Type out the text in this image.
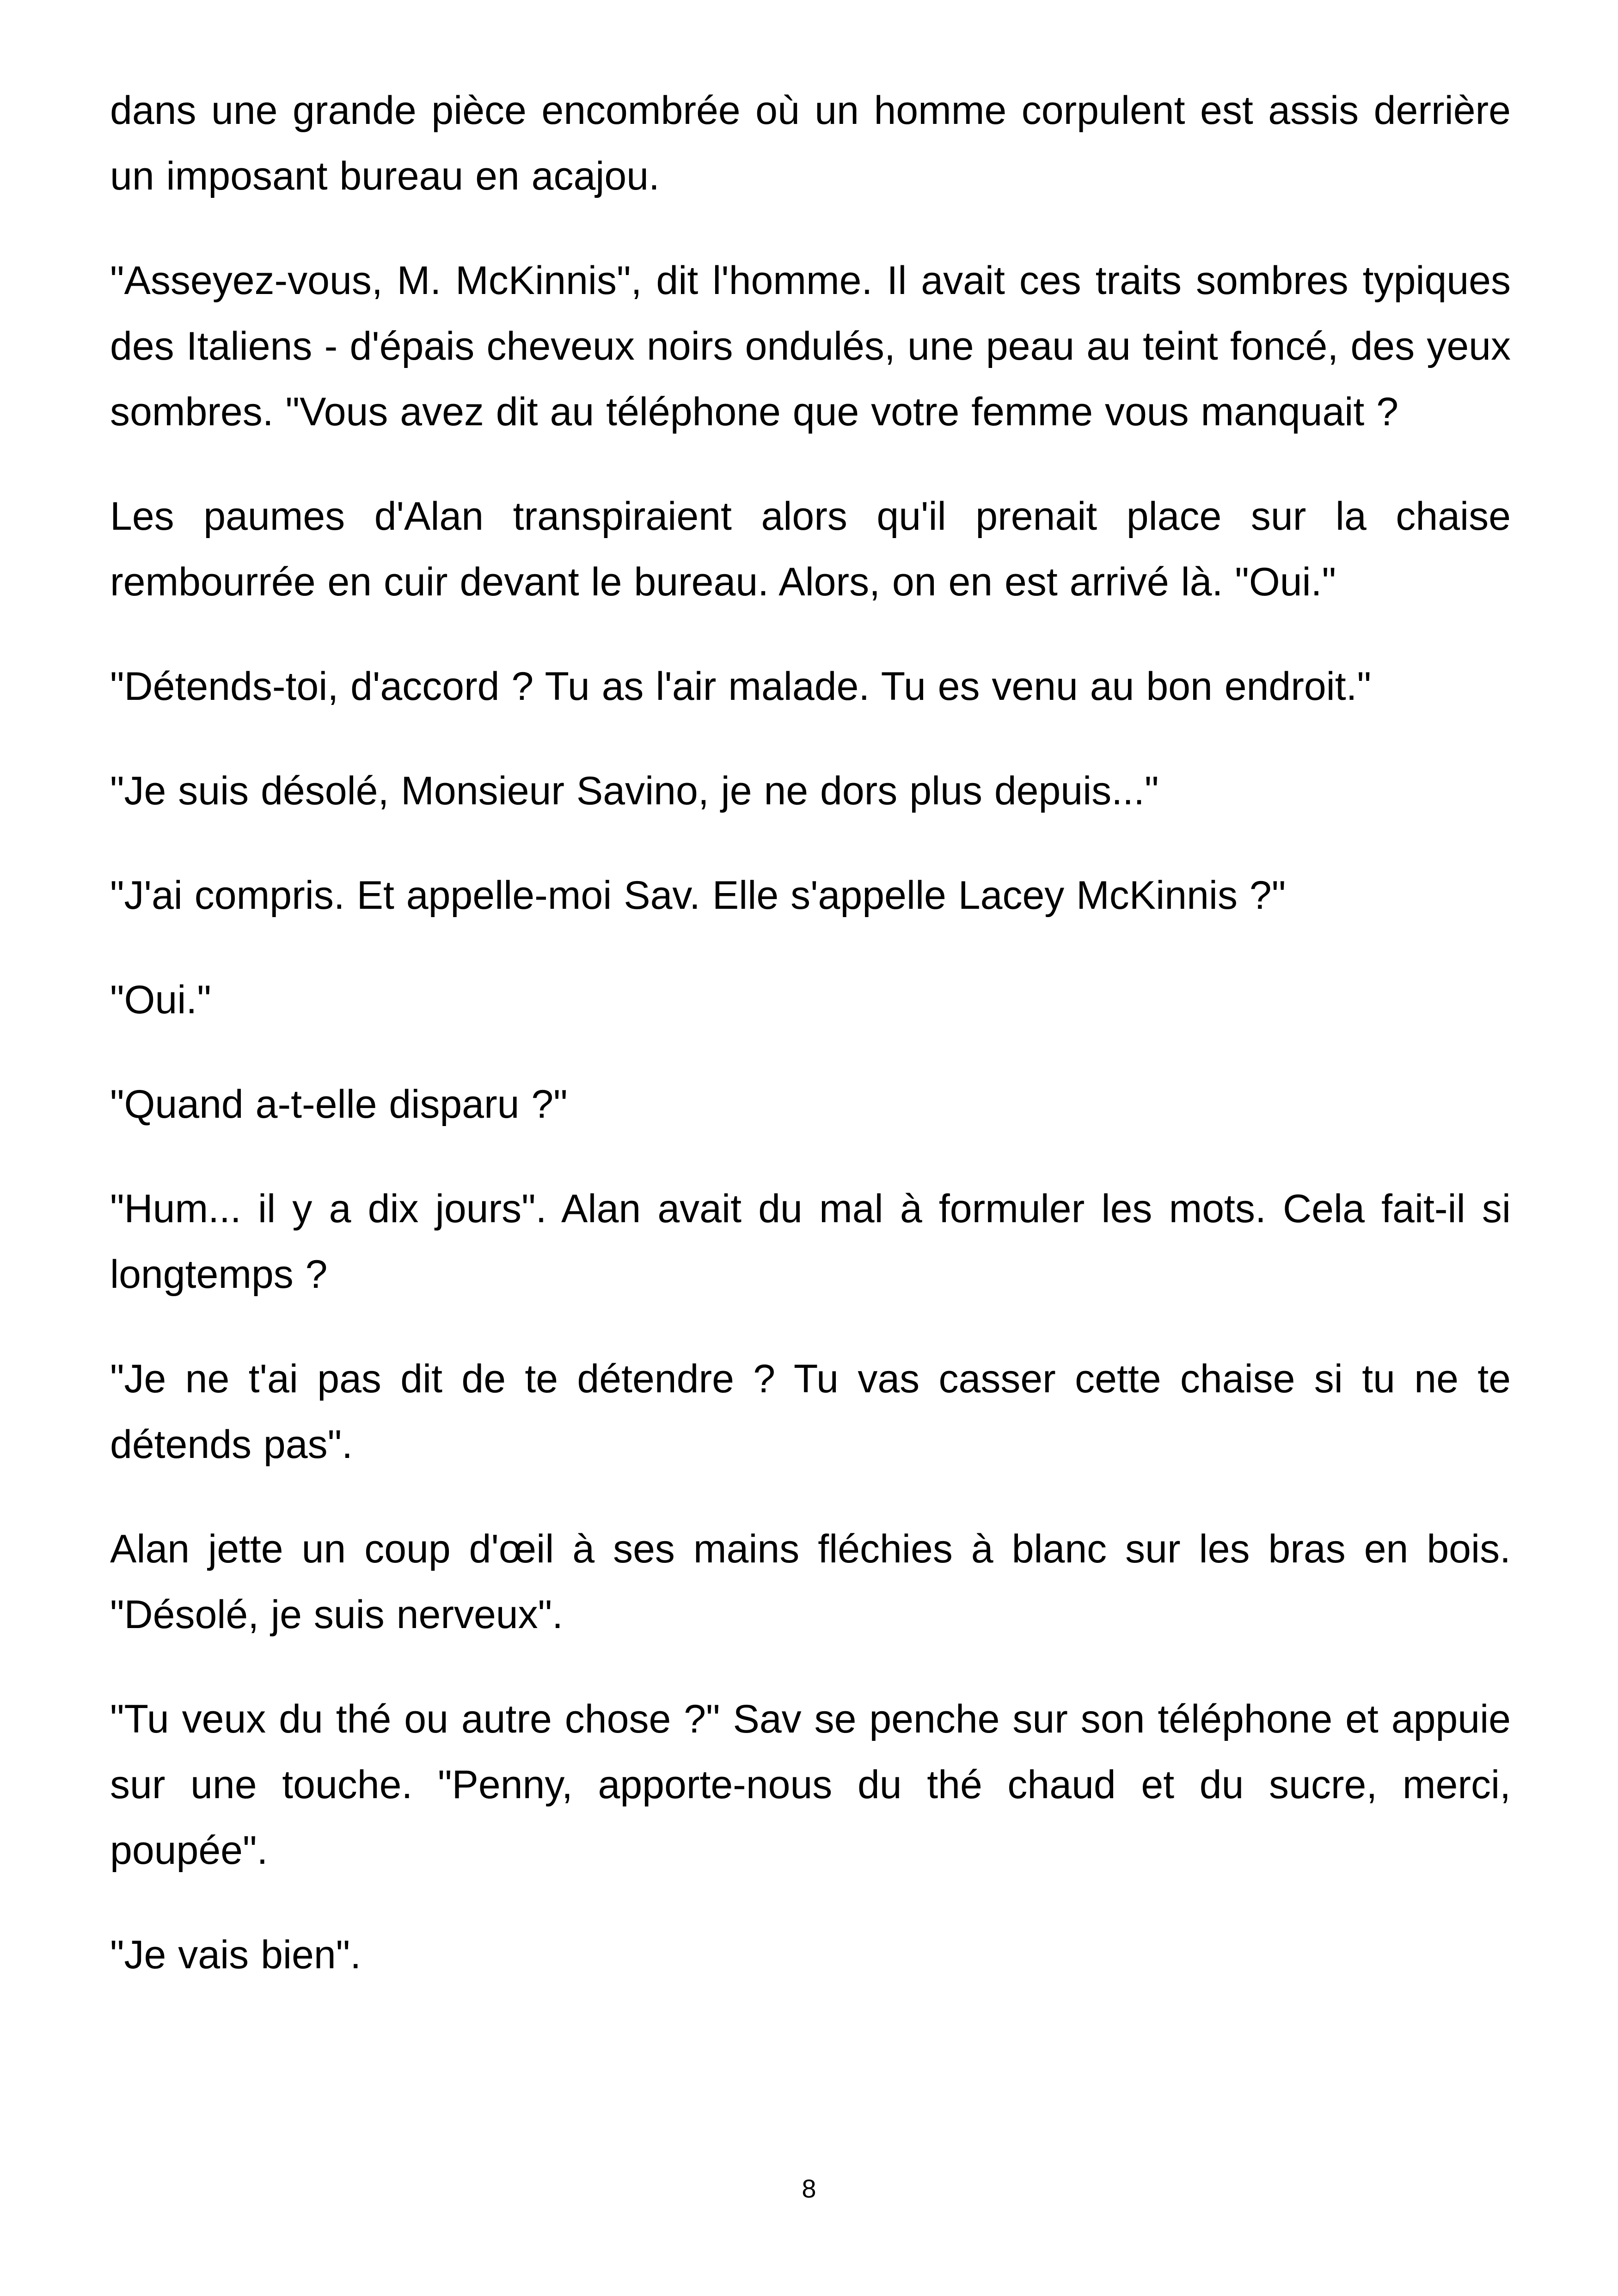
dans une grande pièce encombrée où un homme corpulent est assis derrière un imposant bureau en acajou.

"Asseyez-vous, M. McKinnis", dit l'homme. Il avait ces traits sombres typiques des Italiens - d'épais cheveux noirs ondulés, une peau au teint foncé, des yeux sombres. "Vous avez dit au téléphone que votre femme vous manquait ?

Les paumes d'Alan transpiraient alors qu'il prenait place sur la chaise rembourrée en cuir devant le bureau. Alors, on en est arrivé là. "Oui."

"Détends-toi, d'accord ? Tu as l'air malade. Tu es venu au bon endroit."

"Je suis désolé, Monsieur Savino, je ne dors plus depuis..."

"J'ai compris. Et appelle-moi Sav. Elle s'appelle Lacey McKinnis ?"

"Oui."

"Quand a-t-elle disparu ?"

"Hum... il y a dix jours". Alan avait du mal à formuler les mots. Cela fait-il si longtemps ?

"Je ne t'ai pas dit de te détendre ? Tu vas casser cette chaise si tu ne te détends pas".

Alan jette un coup d'œil à ses mains fléchies à blanc sur les bras en bois. "Désolé, je suis nerveux".

"Tu veux du thé ou autre chose ?" Sav se penche sur son téléphone et appuie sur une touche. "Penny, apporte-nous du thé chaud et du sucre, merci, poupée".

"Je vais bien".

8
